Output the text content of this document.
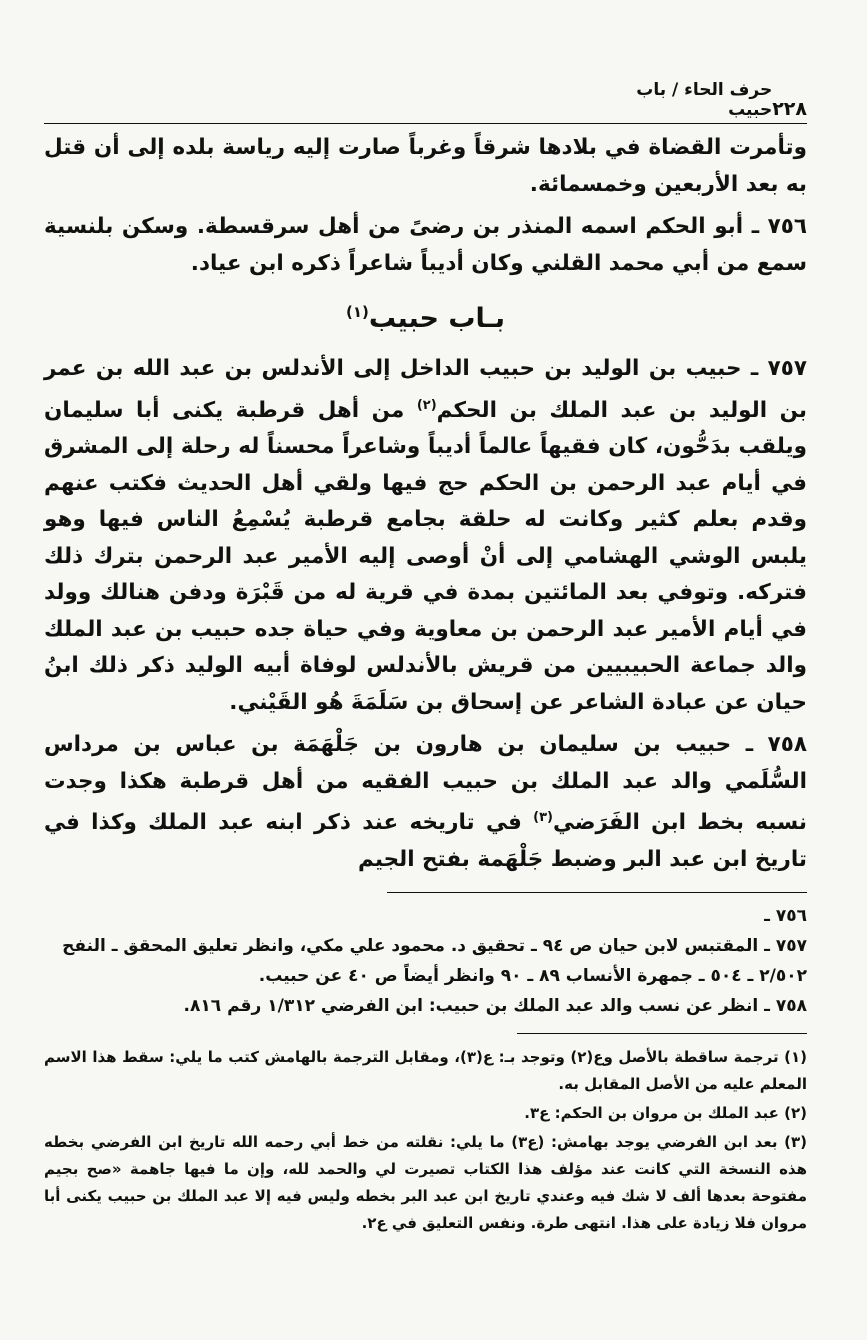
٢٢٨
حرف الحاء / باب حبيب

وتأمرت القضاة في بلادها شرقاً وغرباً صارت إليه رياسة بلده إلى أن قتل به بعد الأربعين وخمسمائة.

٧٥٦ ـ أبو الحكم اسمه المنذر بن رضىً من أهل سرقسطة. وسكن بلنسية سمع من أبي محمد القلني وكان أديباً شاعراً ذكره ابن عياد.

بـاب حبيب$^{(١)}$

٧٥٧ ـ حبيب بن الوليد بن حبيب الداخل إلى الأندلس بن عبد الله بن عمر بن الوليد بن عبد الملك بن الحكم$^{(٢)}$ من أهل قرطبة يكنى أبا سليمان ويلقب بدَحُّون، كان فقيهاً عالماً أديباً وشاعراً محسناً له رحلة إلى المشرق في أيام عبد الرحمن بن الحكم حج فيها ولقي أهل الحديث فكتب عنهم وقدم بعلم كثير وكانت له حلقة بجامع قرطبة يُسْمِعُ الناس فيها وهو يلبس الوشي الهشامي إلى أنْ أوصى إليه الأمير عبد الرحمن بترك ذلك فتركه. وتوفي بعد المائتين بمدة في قرية له من قَبْرَة ودفن هنالك وولد في أيام الأمير عبد الرحمن بن معاوية وفي حياة جده حبيب بن عبد الملك والد جماعة الحبيبيين من قريش بالأندلس لوفاة أبيه الوليد ذكر ذلك ابنُ حيان عن عبادة الشاعر عن إسحاق بن سَلَمَةَ هُو القَيْني.

٧٥٨ ـ حبيب بن سليمان بن هارون بن جَلْهَمَة بن عباس بن مرداس السُّلَمي والد عبد الملك بن حبيب الفقيه من أهل قرطبة هكذا وجدت نسبه بخط ابن الفَرَضي$^{(٣)}$ في تاريخه عند ذكر ابنه عبد الملك وكذا في تاريخ ابن عبد البر وضبط جَلْهَمة بفتح الجيم

٧٥٦ ـ

٧٥٧ ـ المقتبس لابن حيان ص ٩٤ ـ تحقيق د. محمود علي مكي، وانظر تعليق المحقق ـ النفح ٢/٥٠٢ ـ ٥٠٤ ـ جمهرة الأنساب ٨٩ ـ ٩٠ وانظر أيضاً ص ٤٠ عن حبيب.

٧٥٨ ـ انظر عن نسب والد عبد الملك بن حبيب: ابن الفرضي ١/٣١٢ رقم ٨١٦.

(١) ترجمة ساقطة بالأصل وع(٢) وتوجد بـ: ع(٣)، ومقابل الترجمة بالهامش كتب ما يلي: سقط هذا الاسم المعلم عليه من الأصل المقابل به.

(٢) عبد الملك بن مروان بن الحكم: ع٣.

(٣) بعد ابن الفرضي يوجد بهامش: (ع٣) ما يلي: نقلته من خط أبي رحمه الله تاريخ ابن الفرضي بخطه هذه النسخة التي كانت عند مؤلف هذا الكتاب تصيرت لي والحمد لله، وإن ما فيها جاهمة «صح بجيم مفتوحة بعدها ألف لا شك فيه وعندي تاريخ ابن عبد البر بخطه وليس فيه إلا عبد الملك بن حبيب يكنى أبا مروان فلا زيادة على هذا. انتهى طرة. ونفس التعليق في ع٢.
